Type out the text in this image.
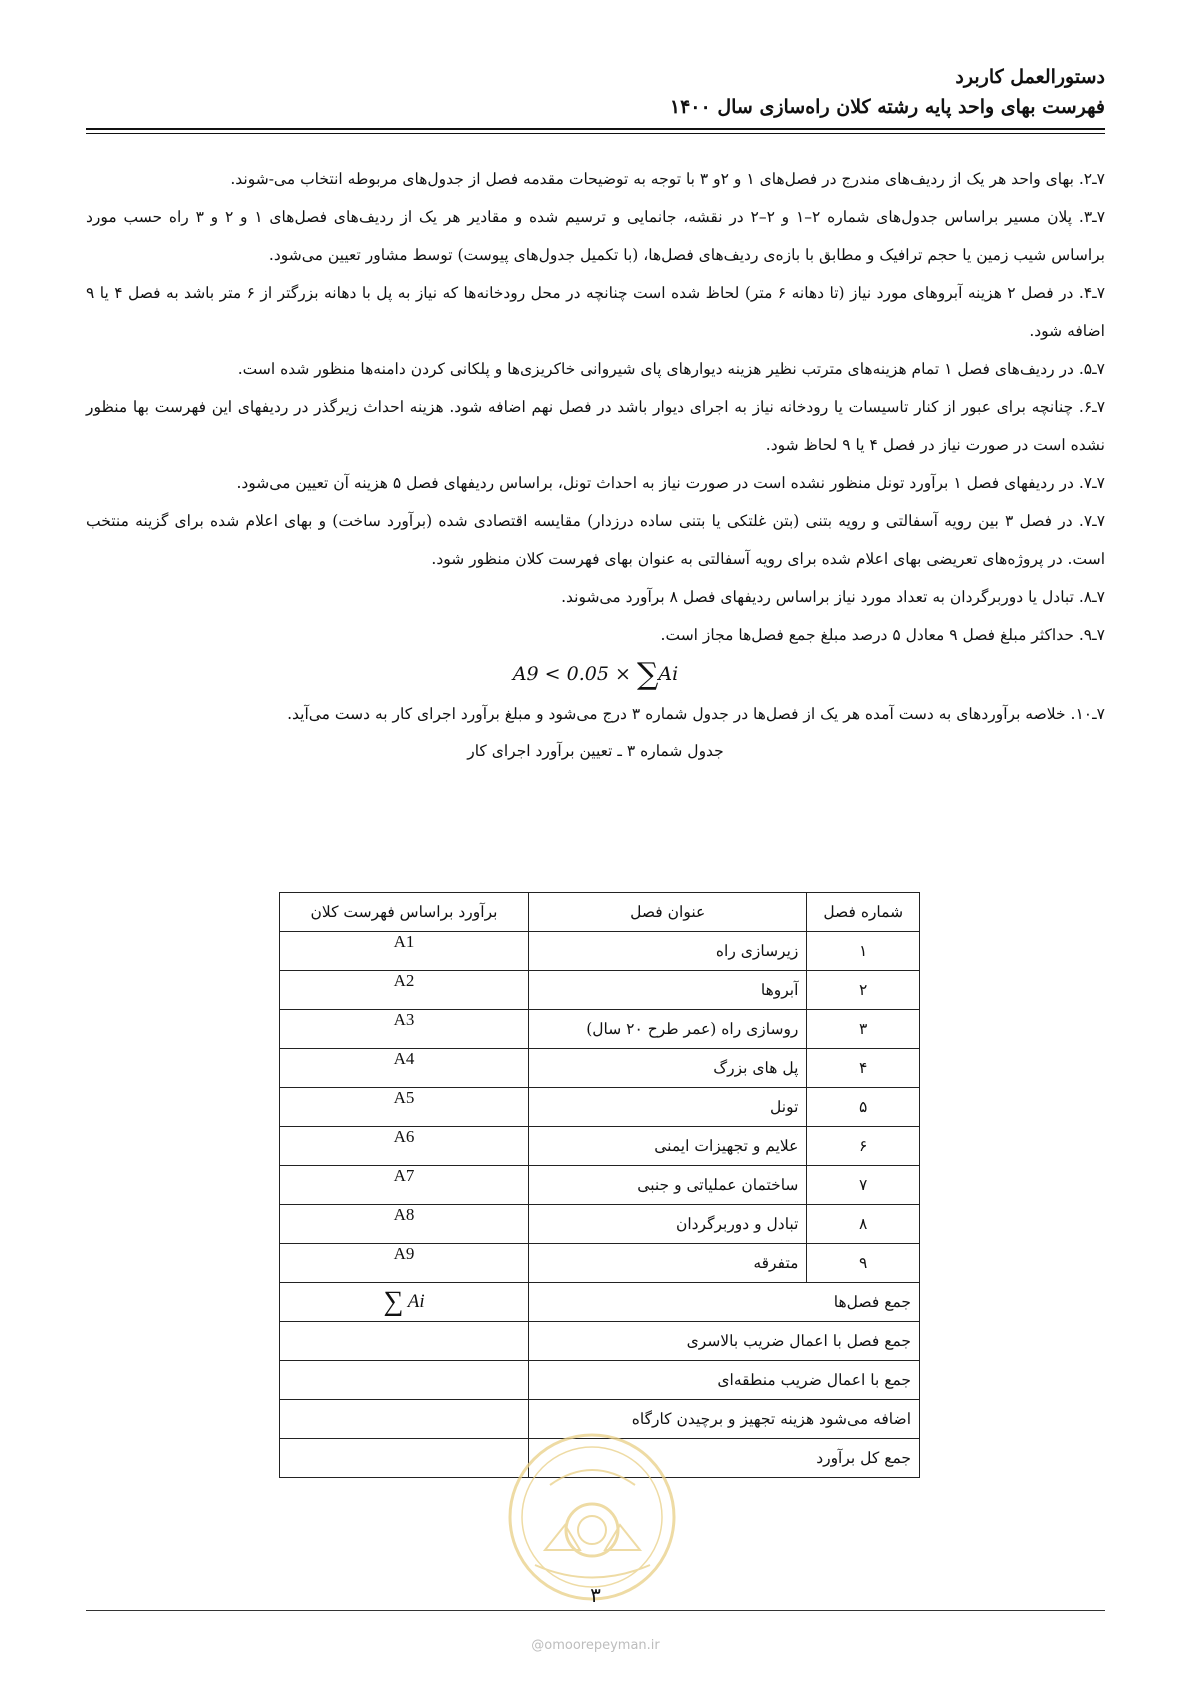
دستورالعمل کاربرد
فهرست بهای واحد پایه رشته کلان راه‌سازی سال ۱۴۰۰

۷ـ۲. بهای واحد هر یک از ردیف‌های مندرج در فصل‌های ۱ و ۲و ۳ با توجه به توضیحات مقدمه فصل از جدول‌های مربوطه انتخاب می-شوند.

۷ـ۳. پلان مسیر براساس جدول‌های شماره ۲–۱ و ۲–۲ در نقشه، جانمایی و ترسیم شده و مقادیر هر یک از ردیف‌های فصل‌های ۱ و ۲ و ۳ راه حسب مورد براساس شیب زمین یا حجم ترافیک و مطابق با بازه‌ی ردیف‌های فصل‌ها، (با تکمیل جدول‌های پیوست) توسط مشاور تعیین می‌شود.

۷ـ۴. در فصل ۲ هزینه آبروهای مورد نیاز (تا دهانه ۶ متر) لحاظ شده است چنانچه در محل رودخانه‌ها که نیاز به پل با دهانه بزرگتر از ۶ متر باشد به فصل ۴ یا ۹ اضافه شود.

۷ـ۵. در ردیف‌های فصل ۱ تمام هزینه‌های مترتب نظیر هزینه دیوارهای پای شیروانی خاکریزی‌ها و پلکانی کردن دامنه‌ها منظور شده است.

۷ـ۶. چنانچه برای عبور از کنار تاسیسات یا رودخانه نیاز به اجرای دیوار باشد در فصل نهم اضافه شود. هزینه احداث زیرگذر در ردیفهای این فهرست بها منظور نشده است در صورت نیاز در فصل ۴ یا ۹ لحاظ شود.

۷ـ۷. در ردیفهای فصل ۱ برآورد تونل منظور نشده است در صورت نیاز به احداث تونل، براساس ردیفهای فصل ۵ هزینه آن تعیین می‌شود.

۷ـ۷. در فصل ۳ بین رویه آسفالتی و رویه بتنی (بتن غلتکی یا بتنی ساده درزدار) مقایسه اقتصادی شده (برآورد ساخت) و بهای اعلام شده برای گزینه منتخب است. در پروژه‌های تعریضی بهای اعلام شده برای رویه آسفالتی به عنوان بهای فهرست کلان منظور شود.

۷ـ۸. تبادل یا دوربرگردان به تعداد مورد نیاز براساس ردیفهای فصل ۸ برآورد می‌شوند.

۷ـ۹. حداکثر مبلغ فصل ۹ معادل ۵ درصد مبلغ جمع فصل‌ها مجاز است.

A9 < 0.05 × ∑Ai

۷ـ۱۰. خلاصه برآوردهای به دست آمده هر یک از فصل‌ها در جدول شماره ۳ درج می‌شود و مبلغ برآورد اجرای کار به دست می‌آید.

جدول شماره ۳ ـ تعیین برآورد اجرای کار
شماره فصل	عنوان فصل	برآورد براساس فهرست کلان
۱	زیرسازی راه	A1
۲	آبروها	A2
۳	روسازی راه (عمر طرح ۲۰ سال)	A3
۴	پل های بزرگ	A4
۵	تونل	A5
۶	علایم و تجهیزات ایمنی	A6
۷	ساختمان عملیاتی و جنبی	A7
۸	تبادل و دوربرگردان	A8
۹	متفرقه	A9
جمع فصل‌ها		∑ Ai
جمع فصل با اعمال ضریب بالاسری		
جمع با اعمال ضریب منطقه‌ای		
اضافه می‌شود هزینه تجهیز و برچیدن کارگاه		
جمع کل برآورد		
۳
@omoorepeyman.ir
